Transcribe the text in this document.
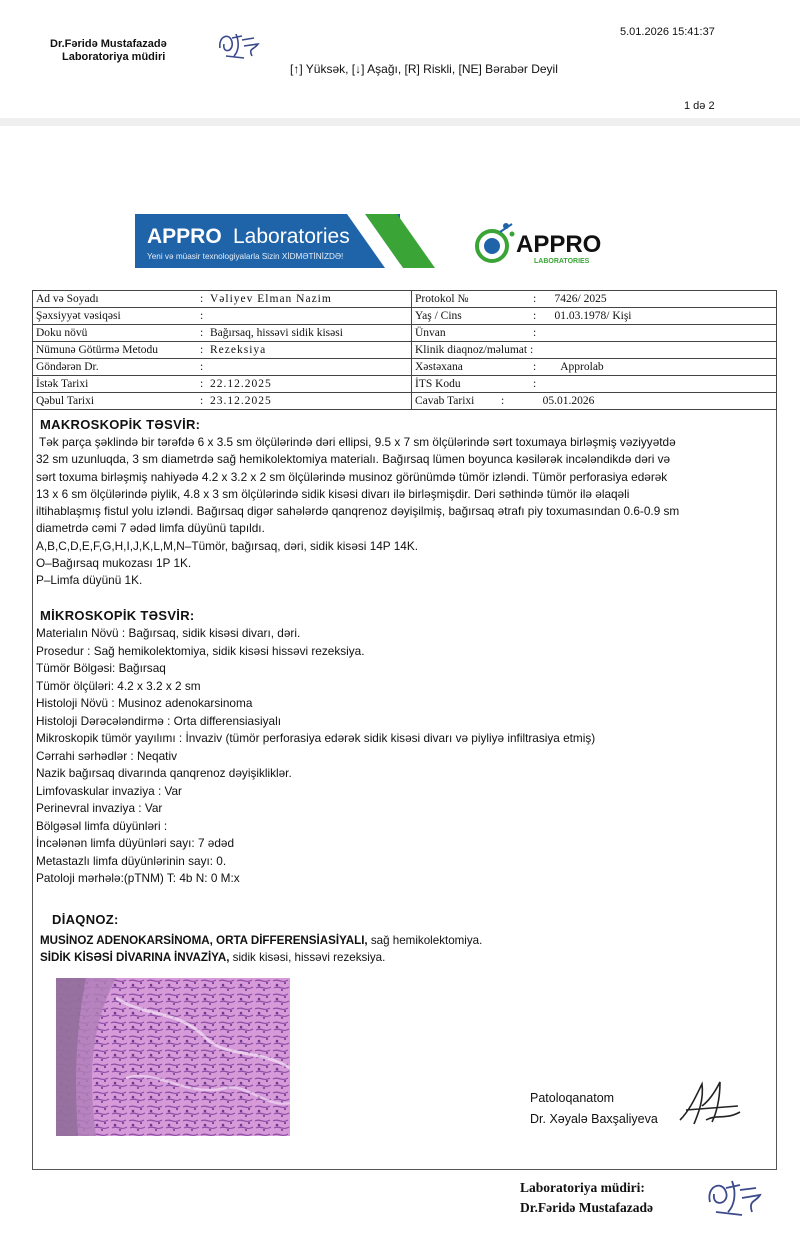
Dr.Fəridə Mustafazadə
Laboratoriya müdiri
5.01.2026 15:41:37
[↑] Yüksək, [↓] Aşağı, [R] Riskli, [NE] Bərabər Deyil
1 də 2
APPRO Laboratories
Yeni və müasir texnologiyalarla Sizin XİDMƏTİNİZDƏ!	APPRO
LABORATORIES
Ad və Soyadı : Vəliyev Elman Nazim	Protokol № : 7426/ 2025
Şəxsiyyət vəsiqəsi :	Yaş / Cins : 01.03.1978/ Kişi
Doku növü : Bağırsaq, hissəvi sidik kisəsi	Ünvan :
Nümunə Götürmə Metodu : Rezeksiya	Klinik diaqnoz/məlumat :
Göndərən Dr. :	Xəstəxana : Approlab
İstək Tarixi : 22.12.2025	İTS Kodu :
Qəbul Tarixi : 23.12.2025	Cavab Tarixi : 05.01.2026
MAKROSKOPİK TƏSVİR:
Tək parça şəklində bir tərəfdə 6 x 3.5 sm ölçülərində dəri ellipsi, 9.5 x 7 sm ölçülərində sərt toxumaya birləşmiş vəziyyətdə
32 sm uzunluqda, 3 sm diametrdə sağ hemikolektomiya materialı. Bağırsaq lümen boyunca kəsilərək incələndikdə dəri və
sərt toxuma birləşmiş nahiyədə 4.2 x 3.2 x 2 sm ölçülərində musinoz görünümdə tümör izləndi. Tümör perforasiya edərək
13 x 6 sm ölçülərində piylik, 4.8 x 3 sm ölçülərində sidik kisəsi divarı ilə birləşmişdir. Dəri səthində tümör ilə əlaqəli
iltihablaşmış fistul yolu izləndi. Bağırsaq digər sahələrdə qanqrenoz dəyişilmiş, bağırsaq ətrafı piy toxumasından 0.6-0.9 sm
diametrdə cəmi 7 ədəd limfa düyünü tapıldı.
A,B,C,D,E,F,G,H,I,J,K,L,M,N–Tümör, bağırsaq, dəri, sidik kisəsi 14P 14K.
O–Bağırsaq mukozası 1P 1K.
P–Limfa düyünü 1K.
MİKROSKOPİK TƏSVİR:
Materialın Növü : Bağırsaq, sidik kisəsi divarı, dəri.
Prosedur : Sağ hemikolektomiya, sidik kisəsi hissəvi rezeksiya.
Tümör Bölgəsi: Bağırsaq
Tümör ölçüləri: 4.2 x 3.2 x 2 sm
Histoloji Növü : Musinoz adenokarsinoma
Histoloji Dərəcələndirmə : Orta differensiasiyalı
Mikroskopik tümör yayılımı : İnvaziv (tümör perforasiya edərək sidik kisəsi divarı və piyliyə infiltrasiya etmiş)
Cərrahi sərhədlər : Neqativ
Nazik bağırsaq divarında qanqrenoz dəyişikliklər.
Limfovaskular invaziya : Var
Perinevral invaziya : Var
Bölgəsəl limfa düyünləri :
İncələnən limfa düyünləri sayı: 7 ədəd
Metastazlı limfa düyünlərinin sayı: 0.
Patoloji mərhələ:(pTNM) T: 4b N: 0 M:x
DİAQNOZ:
MUSİNOZ ADENOKARSİNOMA, ORTA DİFFERENSİASİYALI, sağ hemikolektomiya.
SİDİK KİSƏSİ DİVARINA İNVAZİYA, sidik kisəsi, hissəvi rezeksiya.
Patoloqanatom
Dr. Xəyalə Baxşaliyeva
Laboratoriya müdiri:
Dr.Fəridə Mustafazadə
